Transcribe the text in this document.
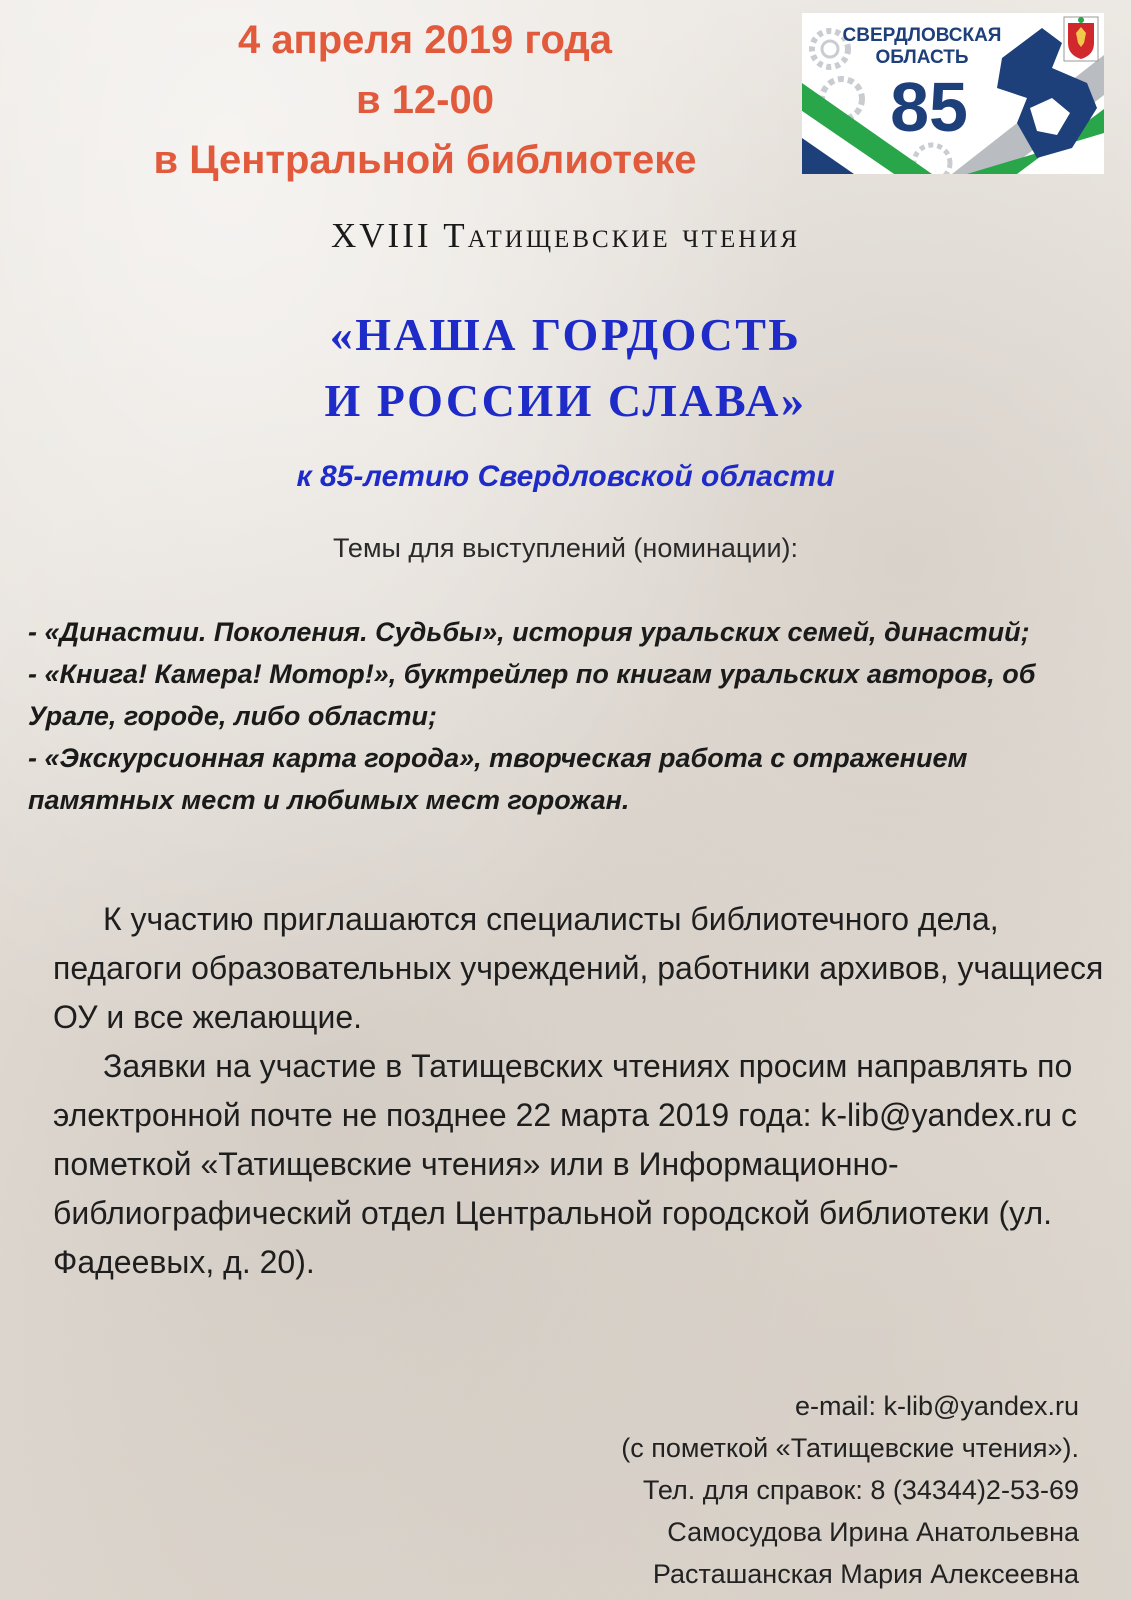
4 апреля 2019 года
в 12-00
в Центральной библиотеке
СВЕРДЛОВСКАЯ
ОБЛАСТЬ
85
XVIII Татищевские чтения
«НАША ГОРДОСТЬ
И РОССИИ СЛАВА»
к 85-летию Свердловской области
Темы для выступлений (номинации):

- «Династии. Поколения. Судьбы», история уральских семей, династий;

- «Книга! Камера! Мотор!», буктрейлер по книгам уральских авторов, об Урале, городе, либо области;

- «Экскурсионная карта города», творческая работа с отражением памятных мест и любимых мест горожан.

К участию приглашаются специалисты библиотечного дела, педагоги образовательных учреждений, работники архивов, учащиеся ОУ и все желающие.

Заявки на участие в Татищевских чтениях просим направлять по электронной почте не позднее 22 марта 2019 года: k-lib@yandex.ru с пометкой «Татищевские чтения» или в Информационно-библиографический отдел Центральной городской библиотеки (ул. Фадеевых, д. 20).

e-mail: k-lib@yandex.ru
(с пометкой «Татищевские чтения»).
Тел. для справок: 8 (34344)2-53-69
Самосудова Ирина Анатольевна
Расташанская Мария Алексеевна
